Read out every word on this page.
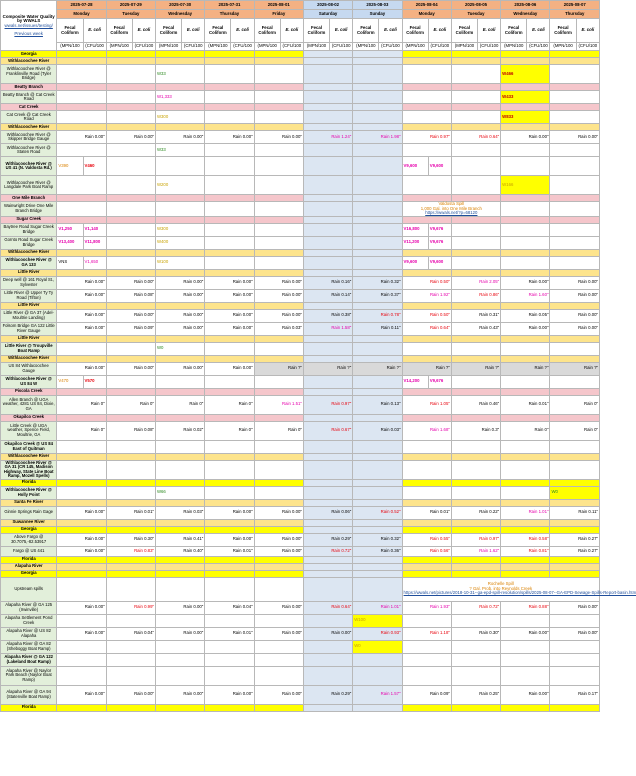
Composite Water Quality by WWALS
wwals.net/issues/testing/
Previous week	2025-07-28		2025-07-29		2025-07-30		2025-07-31		2025-08-01		2025-08-02		2025-08-03		2025-08-04		2025-08-05		2025-08-06		2025-08-07	
	Monday		Tuesday		Wednesday		Thursday		Friday		Saturday		Sunday		Monday		Tuesday		Wednesday		Thursday	
	Fecal Coliform	E. coli	Fecal Coliform	E. coli	Fecal Coliform	E. coli	Fecal Coliform	E. coli	Fecal Coliform	E. coli	Fecal Coliform	E. coli	Fecal Coliform	E. coli	Fecal Coliform	E. coli	Fecal Coliform	E. coli	Fecal Coliform	E. coli	Fecal Coliform	E. coli
	(MPN/100	(CFU/100	(MPN/100	(CFU/100	(MPN/100	(CFU/100	(MPN/100	(CFU/100	(MPN/100	(CFU/100	(MPN/100	(CFU/100	(MPN/100	(CFU/100	(MPN/100	(CFU/100	(MPN/100	(CFU/100	(MPN/100	(CFU/100	(MPN/100	(CFU/100
Georgia																						
Withlacoochee River																						
Withlacoochee River @ Franklinville Road (Tyler Bridge)					W33														W466			
Beatty Branch																						
Beatty Branch @ Cat Creek Road					W1,333														W433			
Cat Creek																						
Cat Creek @ Cat Creek Road					W300														W833			
Withlacoochee River																						
Withlacoochee River @ Skipper Bridge Gauge	Rain 0.00"		Rain 0.00"		Rain 0.00"		Rain 0.00"		Rain 0.00"		Rain 1.24"		Rain 1.98"		Rain 0.97"		Rain 0.64"		Rain 0.00"		Rain 0.00"	
Withlacoochee River @ Staten Road					W33																	
Withlacoochee River @ US 41 (N. Valdosta Rd.)	V390	V460													V9,600	V9,600						
Withlacoochee River @ Langdale Park Boat Ramp					W200														W166			
One Mile Branch																						
Wainwright Drive One Mile Branch Bridge															Valdosta Spill
1,000 Gal. into One Mile Branch
https://wwals.net/?p=68120							

Sugar Creek																						
Baytree Road Sugar Creek Bridge	V1,250	V1,140			W300										V16,800	V9,676						
Gornto Road Sugar Creek Bridge	V13,400	V11,800			W400										V11,200	V9,676						
Withlacoochee River																						
Withlacoochee River @ GA 133	VNS	V1,650			W100										V9,600	V9,600						
Little River																						
Deep well @ 161 Royal St., Sylvester	Rain 0.00"		Rain 0.00"		Rain 0.00"		Rain 0.00"		Rain 0.00"		Rain 0.16"		Rain 0.32"		Rain 0.50"		Rain 2.05"		Rain 0.00"		Rain 0.00"	
Little River @ Upper Ty Ty Road (Tifton)	Rain 0.00"		Rain 0.08"		Rain 0.00"		Rain 0.00"		Rain 0.00"		Rain 0.14"		Rain 0.37"		Rain 1.92"		Rain 0.86"		Rain 1.60"		Rain 0.00"	
Little River																						
Little River @ GA 37 (Adel-Moultrie Landing)	Rain 0.00"		Rain 0.00"		Rain 0.00"		Rain 0.00"		Rain 0.00"		Rain 0.38"		Rain 0.78"		Rain 0.50"		Rain 0.31"		Rain 0.05"		Rain 0.00"	
Folsom Bridge GA 122 Little River Gauge	Rain 0.00"		Rain 0.09"		Rain 0.00"		Rain 0.00"		Rain 0.03"		Rain 1.58"		Rain 0.11"		Rain 0.64"		Rain 0.43"		Rain 0.00"		Rain 0.00"	
Little River																						
Little River @ Troupville Boat Ramp					W0																	
Withlacoochee River																						
US 84 Withlacoochee Gauge	Rain 0.00"		Rain 0.00"		Rain 0.00"		Rain 0.00"		Rain ?"		Rain ?"		Rain ?"		Rain ?"		Rain ?"		Rain ?"		Rain ?"	
Withlacoochee River @ US 84 W	V470	V570													V14,200	V9,676						
Piscola Creek																						
Allen Branch @ UGA weather, 4281 US 84, Dixie, GA	Rain 0"		Rain 0"		Rain 0"		Rain 0"		Rain 1.51"		Rain 0.97"		Rain 0.13"		Rain 1.05"		Rain 0.46"		Rain 0.01"		Rain 0"	
Okapilco Creek																						
Little Creek @ UGA weather, Spence Field, Moultrie, GA	Rain 0"		Rain 0.08"		Rain 0.02"		Rain 0"		Rain 0"		Rain 0.67"		Rain 0.03"		Rain 1.68"		Rain 0.3"		Rain 0"		Rain 0"	
Okapilco Creek @ US 84 East of Quitman																						
Withlacoochee River																						
Withlacoochee River @ GA 31 (CR 145, Madison Highway, State Line Boat Ramp, Mozell Spells)																						
Florida																						
Withlacoochee River @ Holly Point					W66																W0	
Santa Fe River																						
Ginnie Springs Rain Gage	Rain 0.00"		Rain 0.01"		Rain 0.03"		Rain 0.00"		Rain 0.00"		Rain 0.06"		Rain 0.52"		Rain 0.01"		Rain 0.22"		Rain 1.01"		Rain 0.11"	
Suwannee River																						
Georgia																						
Above Fargo @ 30.7075,-82.53917	Rain 0.00"		Rain 0.30"		Rain 0.41"		Rain 0.00"		Rain 0.00"		Rain 0.29"		Rain 0.32"		Rain 0.55"		Rain 0.97"		Rain 0.58"		Rain 0.27"	
Fargo @ US 441	Rain 0.00"		Rain 0.83"		Rain 0.40"		Rain 0.01"		Rain 0.00"		Rain 0.72"		Rain 0.36"		Rain 0.56"		Rain 1.62"		Rain 0.81"		Rain 0.27"	
Florida																						
Alapaha River																						
Georgia																						
Upstream spills															Rochelle Spill
? Gal. Prob. into Reynolds Creek
https://wwals.net/pictures/2018-10-31--ga-epd-spill-resolution/spills/2025-08-07--GA-EPD-Sewage-Spills-Report-basin.htm							

Alapaha River @ GA 125 (Irwinville)	Rain 0.00"		Rain 0.99"		Rain 0.00"		Rain 0.04"		Rain 0.00"		Rain 0.64"		Rain 1.01"		Rain 1.93"		Rain 0.72"		Rain 0.88"		Rain 0.00"	
Alapaha Settlement Pond Creek													W100									
Alapaha River @ US 82 Alapaha	Rain 0.00"		Rain 0.04"		Rain 0.00"		Rain 0.01"		Rain 0.00"		Rain 0.00"		Rain 0.93"		Rain 1.18"		Rain 0.30"		Rain 0.00"		Rain 0.00"	
Alapaha River @ GA 82 (Sheboggy Boat Ramp)													W0									
Alapaha River @ GA 122 (Lakeland Boat Ramp)																						
Alapaha River @ Naylor Park Beach (Naylor Boat Ramp)																						
Alapaha River @ GA 94 (Statenville Boat Ramp)	Rain 0.00"		Rain 0.00"		Rain 0.00"		Rain 0.00"		Rain 0.00"		Rain 0.29"		Rain 1.57"		Rain 0.09"		Rain 0.25"		Rain 0.00"		Rain 0.17"	
Florida																						
